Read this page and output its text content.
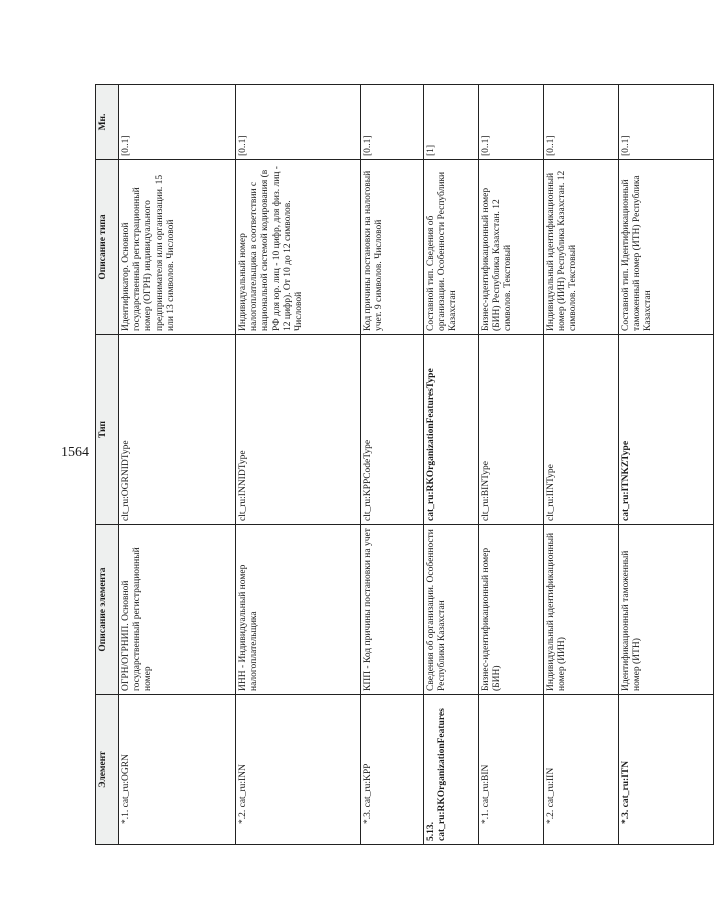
1564
Элемент	Описание элемента	Тип	Описание типа	Мн.
*.1. cat_ru:OGRN	ОГРН/ОГРНИП. Основной государственный регистрационный номер	clt_ru:OGRNIDType	Идентификатор. Основной государственный регистрационный номер (ОГРН) индивидуального предпринимателя или организации. 15 или 13 символов. Числовой	[0..1]
*.2. cat_ru:INN	ИНН - Индивидуальный номер налогоплательщика	clt_ru:INNIDType	Индивидуальный номер налогоплательщика в соответствии с национальной системой кодирования (в РФ для юр. лиц - 10 цифр, для физ. лиц - 12 цифр). От 10 до 12 символов. Числовой	[0..1]
*.3. cat_ru:KPP	КПП - Код причины постановки на учет	clt_ru:KPPCodeType	Код причины постановки на налоговый учет. 9 символов. Числовой	[0..1]
5.13. cat_ru:RKOrganizationFeatures	Сведения об организации. Особенности Республики Казахстан	cat_ru:RKOrganizationFeaturesType	Составной тип. Сведения об организации. Особенности Республики Казахстан	[1]
*.1. cat_ru:BIN	Бизнес-идентификационный номер (БИН)	clt_ru:BINType	Бизнес-идентификационный номер (БИН) Республика Казахстан. 12 символов. Текстовый	[0..1]
*.2. cat_ru:IIN	Индивидуальный идентификационный номер (ИИН)	clt_ru:IINType	Индивидуальный идентификационный номер (ИИН) Республика Казахстан. 12 символов. Текстовый	[0..1]
*.3. cat_ru:ITN	Идентификационный таможенный номер (ИТН)	cat_ru:ITNKZType	Составной тип. Идентификационный таможенный номер (ИТН) Республика Казахстан	[0..1]
